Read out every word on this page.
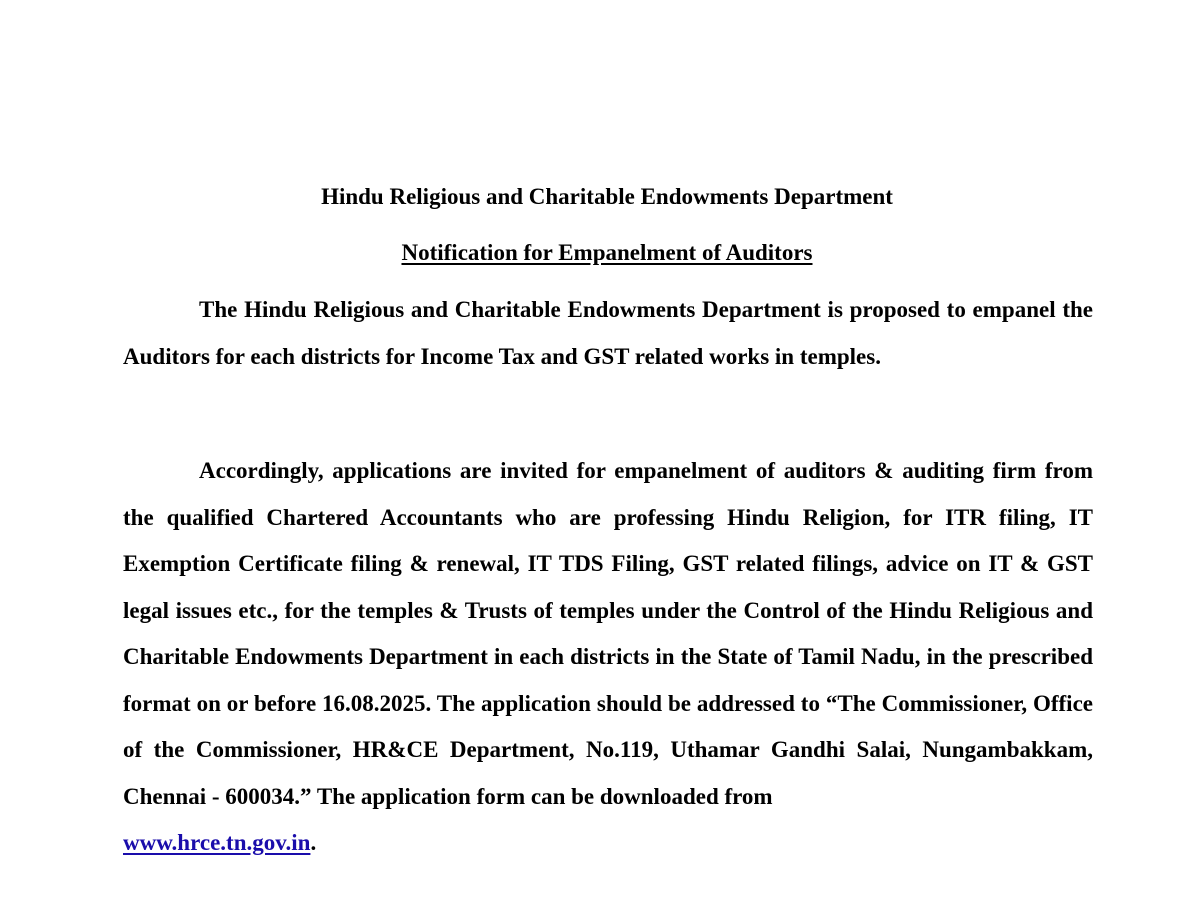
Hindu Religious and Charitable Endowments Department
Notification for Empanelment of Auditors

The Hindu Religious and Charitable Endowments Department is proposed to empanel the Auditors for each districts for Income Tax and GST related works in temples.

Accordingly, applications are invited for empanelment of auditors & auditing firm from the qualified Chartered Accountants who are professing Hindu Religion, for ITR filing, IT Exemption Certificate filing & renewal, IT TDS Filing, GST related filings, advice on IT & GST legal issues etc., for the temples & Trusts of temples under the Control of the Hindu Religious and Charitable Endowments Department in each districts in the State of Tamil Nadu, in the prescribed format on or before 16.08.2025. The application should be addressed to “The Commissioner, Office of the Commissioner, HR&CE Department, No.119, Uthamar Gandhi Salai, Nungambakkam, Chennai - 600034.” The application form can be downloaded from
www.hrce.tn.gov.in.
